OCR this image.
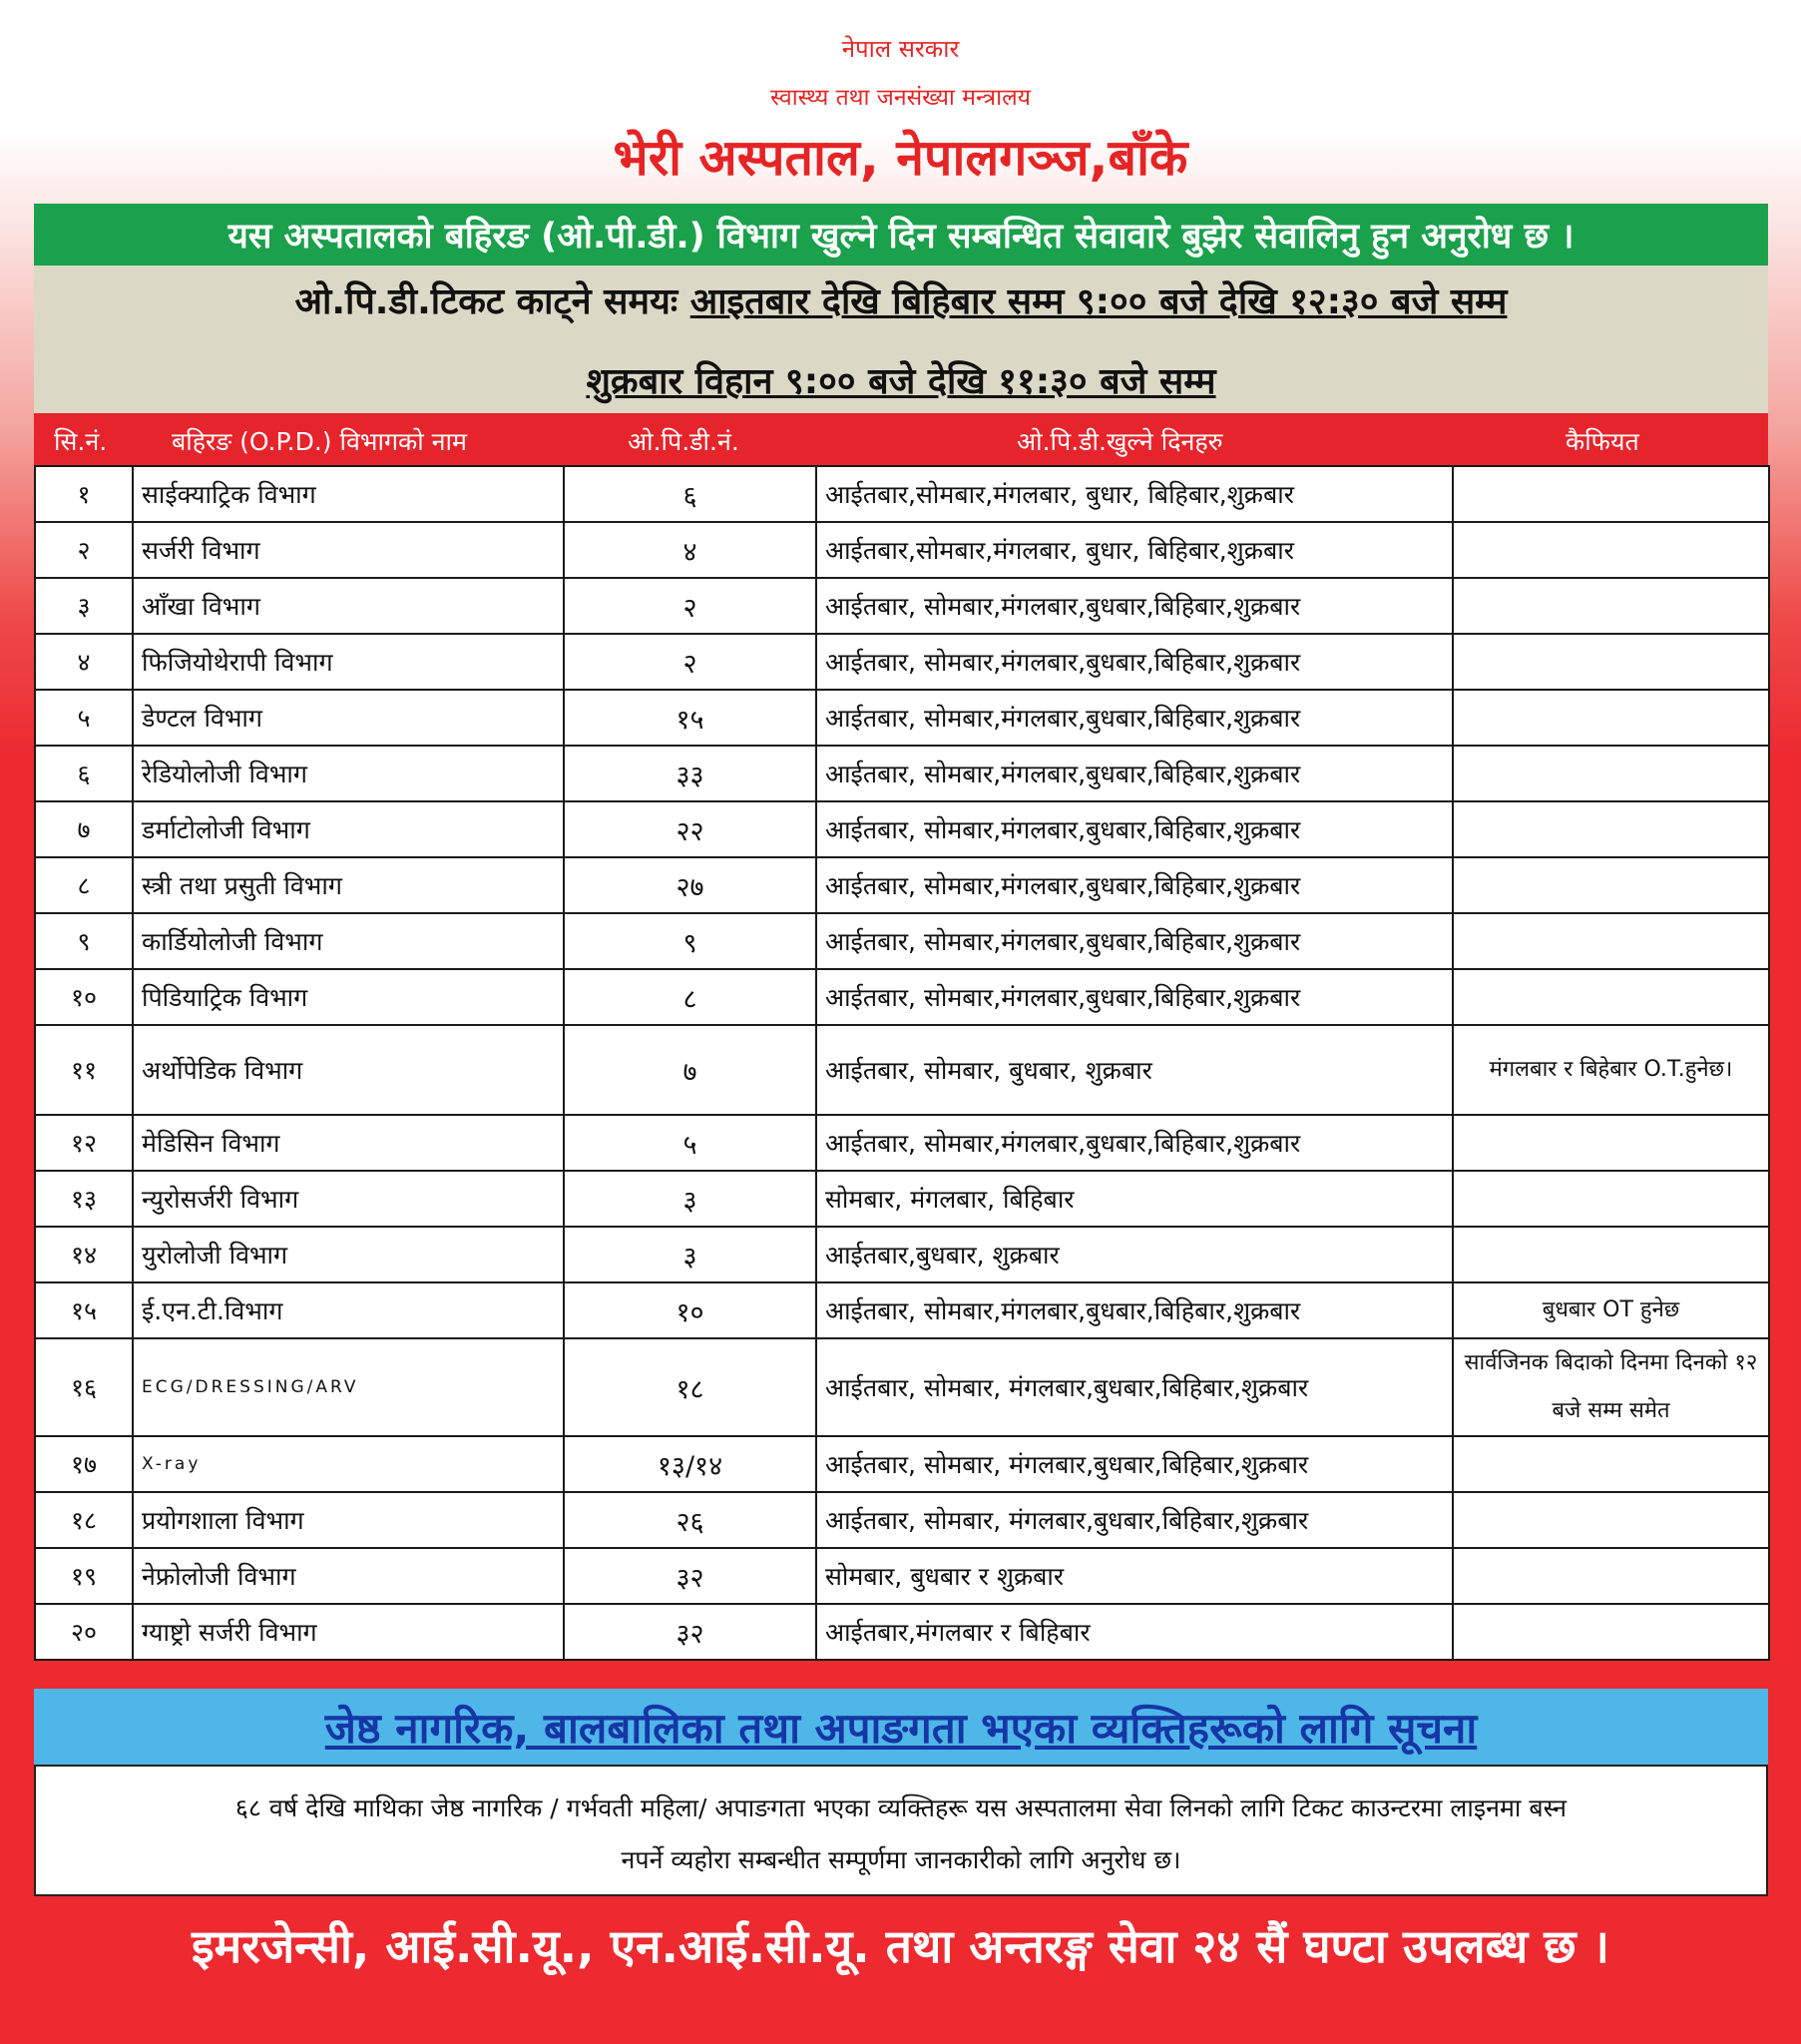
नेपाल सरकार
स्वास्थ्य तथा जनसंख्या मन्त्रालय
भेरी अस्पताल, नेपालगञ्ज,बाँके
यस अस्पतालको बहिरङ (ओ.पी.डी.) विभाग खुल्ने दिन सम्बन्धित सेवावारे बुझेर सेवालिनु हुन अनुरोध छ ।
ओ.पि.डी.टिकट काट्ने समयः आइतबार देखि बिहिबार सम्म ९:०० बजे देखि १२:३० बजे सम्म
शुक्रबार विहान ९:०० बजे देखि ११:३० बजे सम्म
सि.नं.	बहिरङ (O.P.D.) विभागको नाम	ओ.पि.डी.नं.	ओ.पि.डी.खुल्ने दिनहरु	कैफियत
१	साईक्याट्रिक विभाग	६	आईतबार,सोमबार,मंगलबार, बुधार, बिहिबार,शुक्रबार	
२	सर्जरी विभाग	४	आईतबार,सोमबार,मंगलबार, बुधार, बिहिबार,शुक्रबार	
३	आँखा विभाग	२	आईतबार, सोमबार,मंगलबार,बुधबार,बिहिबार,शुक्रबार	
४	फिजियोथेरापी विभाग	२	आईतबार, सोमबार,मंगलबार,बुधबार,बिहिबार,शुक्रबार	
५	डेण्टल विभाग	१५	आईतबार, सोमबार,मंगलबार,बुधबार,बिहिबार,शुक्रबार	
६	रेडियोलोजी विभाग	३३	आईतबार, सोमबार,मंगलबार,बुधबार,बिहिबार,शुक्रबार	
७	डर्माटोलोजी विभाग	२२	आईतबार, सोमबार,मंगलबार,बुधबार,बिहिबार,शुक्रबार	
८	स्त्री तथा प्रसुती विभाग	२७	आईतबार, सोमबार,मंगलबार,बुधबार,बिहिबार,शुक्रबार	
९	कार्डियोलोजी विभाग	९	आईतबार, सोमबार,मंगलबार,बुधबार,बिहिबार,शुक्रबार	
१०	पिडियाट्रिक विभाग	८	आईतबार, सोमबार,मंगलबार,बुधबार,बिहिबार,शुक्रबार	
११	अर्थोपेडिक विभाग	७	आईतबार, सोमबार, बुधबार, शुक्रबार	मंगलबार र बिहेबार O.T.हुनेछ।
१२	मेडिसिन विभाग	५	आईतबार, सोमबार,मंगलबार,बुधबार,बिहिबार,शुक्रबार	
१३	न्युरोसर्जरी विभाग	३	सोमबार, मंगलबार, बिहिबार	
१४	युरोलोजी विभाग	३	आईतबार,बुधबार, शुक्रबार	
१५	ई.एन.टी.विभाग	१०	आईतबार, सोमबार,मंगलबार,बुधबार,बिहिबार,शुक्रबार	बुधबार OT हुनेछ
१६	ECG/DRESSING/ARV	१८	आईतबार, सोमबार, मंगलबार,बुधबार,बिहिबार,शुक्रबार	सार्वजिनक बिदाको दिनमा दिनको १२ बजे सम्म समेत
१७	X-ray	१३/१४	आईतबार, सोमबार, मंगलबार,बुधबार,बिहिबार,शुक्रबार	
१८	प्रयोगशाला विभाग	२६	आईतबार, सोमबार, मंगलबार,बुधबार,बिहिबार,शुक्रबार	
१९	नेफ्रोलोजी विभाग	३२	सोमबार, बुधबार र शुक्रबार	
२०	ग्याष्ट्रो सर्जरी विभाग	३२	आईतबार,मंगलबार र बिहिबार	
जेष्ठ नागरिक, बालबालिका तथा अपाङगता भएका व्यक्तिहरूको लागि सूचना
६८ वर्ष देखि माथिका जेष्ठ नागरिक / गर्भवती महिला/ अपाङगता भएका व्यक्तिहरू यस अस्पतालमा सेवा लिनको लागि टिकट काउन्टरमा लाइनमा बस्न
नपर्ने व्यहोरा सम्बन्धीत सम्पूर्णमा जानकारीको लागि अनुरोध छ।
इमरजेन्सी, आई.सी.यू., एन.आई.सी.यू. तथा अन्तरङ्ग सेवा २४ सैं घण्टा उपलब्ध छ ।
